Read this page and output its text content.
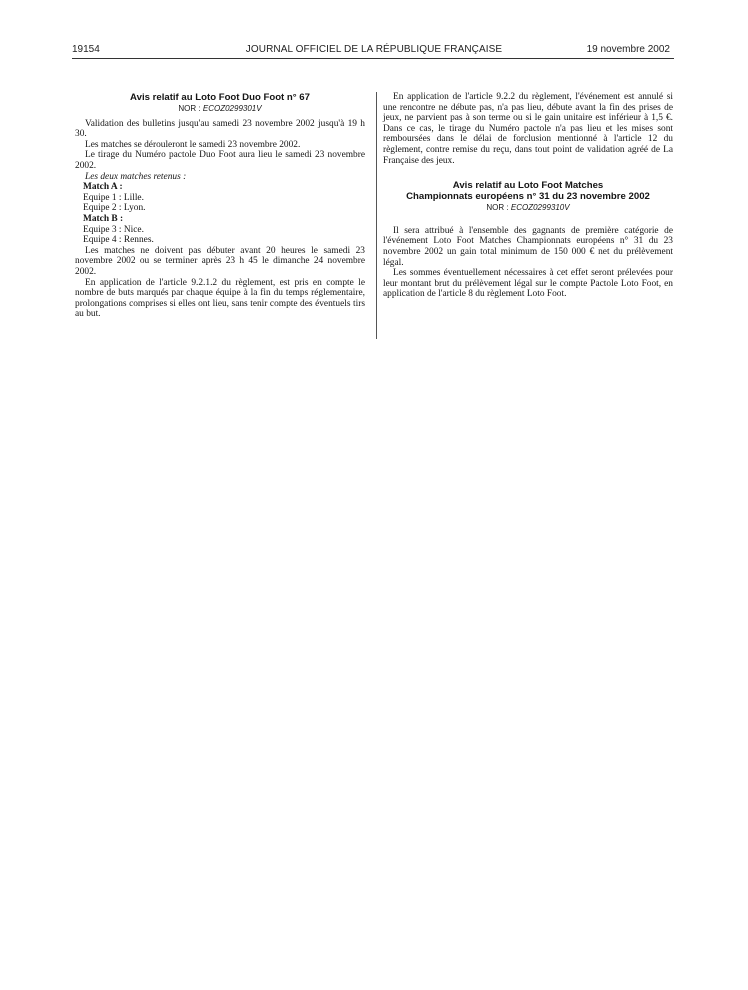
19154	JOURNAL OFFICIEL DE LA RÉPUBLIQUE FRANÇAISE	19 novembre 2002
Avis relatif au Loto Foot Duo Foot n° 67
NOR : ECOZ0299301V

Validation des bulletins jusqu'au samedi 23 novembre 2002 jusqu'à 19 h 30.

Les matches se dérouleront le samedi 23 novembre 2002.

Le tirage du Numéro pactole Duo Foot aura lieu le samedi 23 novembre 2002.

Les deux matches retenus :

Match A :

Equipe 1 : Lille.

Equipe 2 : Lyon.

Match B :

Equipe 3 : Nice.

Equipe 4 : Rennes.

Les matches ne doivent pas débuter avant 20 heures le samedi 23 novembre 2002 ou se terminer après 23 h 45 le dimanche 24 novembre 2002.

En application de l'article 9.2.1.2 du règlement, est pris en compte le nombre de buts marqués par chaque équipe à la fin du temps réglementaire, prolongations comprises si elles ont lieu, sans tenir compte des éventuels tirs au but.

En application de l'article 9.2.2 du règlement, l'événement est annulé si une rencontre ne débute pas, n'a pas lieu, débute avant la fin des prises de jeux, ne parvient pas à son terme ou si le gain unitaire est inférieur à 1,5 €. Dans ce cas, le tirage du Numéro pactole n'a pas lieu et les mises sont remboursées dans le délai de forclusion mentionné à l'article 12 du règlement, contre remise du reçu, dans tout point de validation agréé de La Française des jeux.

Avis relatif au Loto Foot Matches
Championnats européens n° 31 du 23 novembre 2002
NOR : ECOZ0299310V

Il sera attribué à l'ensemble des gagnants de première catégorie de l'événement Loto Foot Matches Championnats européens n° 31 du 23 novembre 2002 un gain total minimum de 150 000 € net du prélèvement légal.

Les sommes éventuellement nécessaires à cet effet seront prélevées pour leur montant brut du prélèvement légal sur le compte Pactole Loto Foot, en application de l'article 8 du règlement Loto Foot.
